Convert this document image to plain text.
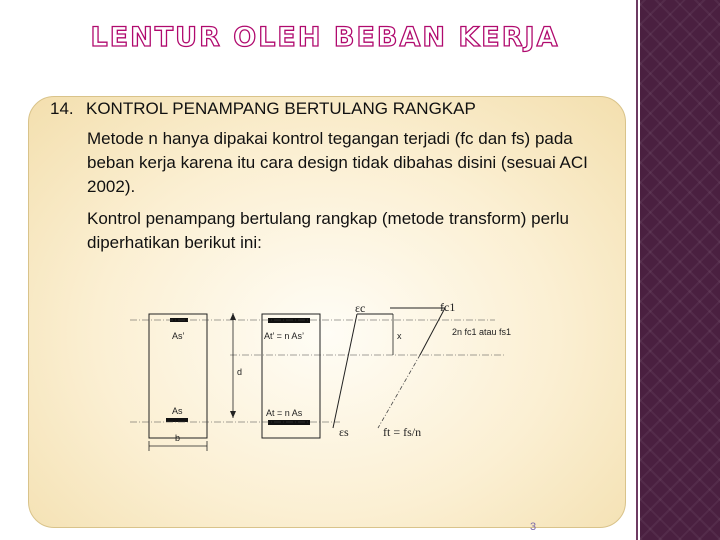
LENTUR OLEH BEBAN KERJA
14. KONTROL PENAMPANG BERTULANG RANGKAP
Metode n hanya dipakai kontrol tegangan terjadi (fc dan fs) pada beban kerja karena itu cara design tidak dibahas disini (sesuai ACI 2002).
Kontrol penampang bertulang rangkap (metode transform) perlu diperhatikan berikut ini:
As’	At’ = n As’
As	At = n As
d
b
x
εc
εs
fc1
2n fc1 atau fs1
ft = fs/n
3
